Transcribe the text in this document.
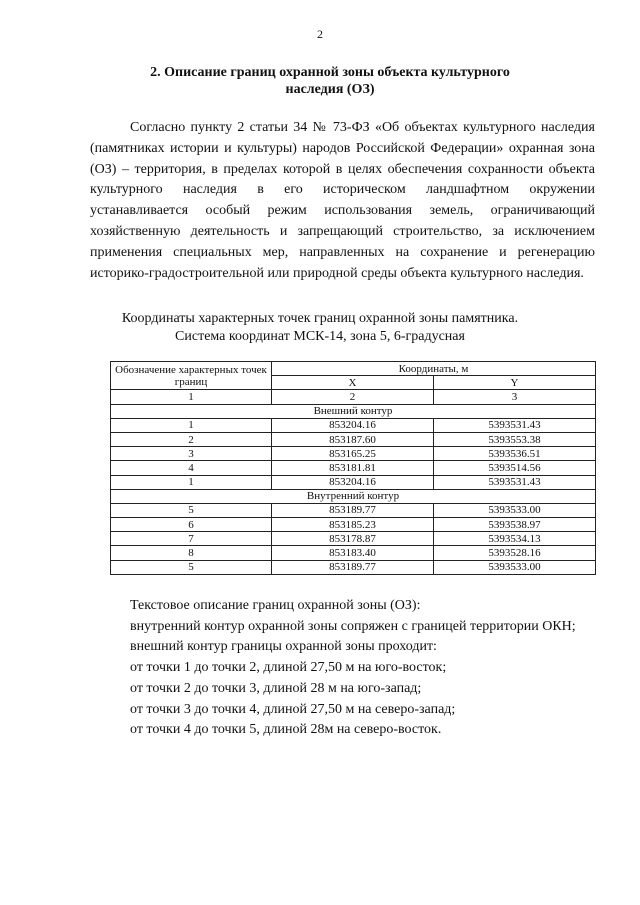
2
2. Описание границ охранной зоны объекта культурного
наследия (ОЗ)

Согласно пункту 2 статьи 34 № 73-ФЗ «Об объектах культурного наследия (памятниках истории и культуры) народов Российской Федерации» охранная зона (ОЗ) – территория, в пределах которой в целях обеспечения сохранности объекта культурного наследия в его историческом ландшафтном окружении устанавливается особый режим использования земель, ограничивающий хозяйственную деятельность и запрещающий строительство, за исключением применения специальных мер, направленных на сохранение и регенерацию историко-градостроительной или природной среды объекта культурного наследия.

Координаты характерных точек границ охранной зоны памятника.
Система координат МСК-14, зона 5, 6-градусная
Обозначение характерных точек границ	Координаты, м	
	X	Y
1	2	3
Внешний контур		
1	853204.16	5393531.43
2	853187.60	5393553.38
3	853165.25	5393536.51
4	853181.81	5393514.56
1	853204.16	5393531.43
Внутренний контур		
5	853189.77	5393533.00
6	853185.23	5393538.97
7	853178.87	5393534.13
8	853183.40	5393528.16
5	853189.77	5393533.00

Текстовое описание границ охранной зоны (ОЗ):

внутренний контур охранной зоны сопряжен с границей территории ОКН;

внешний контур границы охранной зоны проходит:

от точки 1 до точки 2, длиной 27,50 м на юго-восток;

от точки 2 до точки 3, длиной 28 м на юго-запад;

от точки 3 до точки 4, длиной 27,50 м на северо-запад;

от точки 4 до точки 5, длиной 28м на северо-восток.
